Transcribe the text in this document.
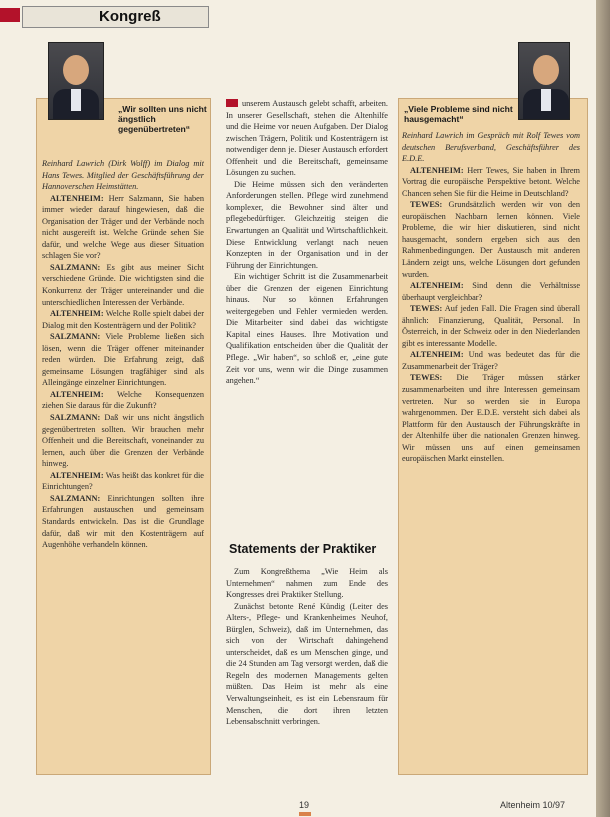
Kongreß
„Wir sollten uns nicht ängstlich gegenübertreten“

Reinhard Lawrich (Dirk Wolff) im Dialog mit Hans Tewes. Mitglied der Geschäftsführung der Hannoverschen Heimstätten.

ALTENHEIM: Herr Salzmann, Sie haben immer wieder darauf hingewiesen, daß die Organisation der Träger und der Verbände noch nicht ausgereift ist. Welche Gründe sehen Sie dafür, und welche Wege aus dieser Situation schlagen Sie vor?

SALZMANN: Es gibt aus meiner Sicht verschiedene Gründe. Die wichtigsten sind die Konkurrenz der Träger untereinander und die unterschiedlichen Interessen der Verbände.

ALTENHEIM: Welche Rolle spielt dabei der Dialog mit den Kostenträgern und der Politik?

SALZMANN: Viele Probleme ließen sich lösen, wenn die Träger offener miteinander reden würden. Die Erfahrung zeigt, daß gemeinsame Lösungen tragfähiger sind als Alleingänge einzelner Einrichtungen.

ALTENHEIM: Welche Konsequenzen ziehen Sie daraus für die Zukunft?

SALZMANN: Daß wir uns nicht ängstlich gegenübertreten sollten. Wir brauchen mehr Offenheit und die Bereitschaft, voneinander zu lernen, auch über die Grenzen der Verbände hinweg.

ALTENHEIM: Was heißt das konkret für die Einrichtungen?

SALZMANN: Einrichtungen sollten ihre Erfahrungen austauschen und gemeinsam Standards entwickeln. Das ist die Grundlage dafür, daß wir mit den Kostenträgern auf Augenhöhe verhandeln können.

unserem Austausch gelebt schafft, arbeiten. In unserer Gesellschaft, stehen die Altenhilfe und die Heime vor neuen Aufgaben. Der Dialog zwischen Trägern, Politik und Kostenträgern ist notwendiger denn je. Dieser Austausch erfordert Offenheit und die Bereitschaft, gemeinsame Lösungen zu suchen.

Die Heime müssen sich den veränderten Anforderungen stellen. Pflege wird zunehmend komplexer, die Bewohner sind älter und pflegebedürftiger. Gleichzeitig steigen die Erwartungen an Qualität und Wirtschaftlichkeit. Diese Entwicklung verlangt nach neuen Konzepten in der Organisation und in der Führung der Einrichtungen.

Ein wichtiger Schritt ist die Zusammenarbeit über die Grenzen der eigenen Einrichtung hinaus. Nur so können Erfahrungen weitergegeben und Fehler vermieden werden. Die Mitarbeiter sind dabei das wichtigste Kapital eines Hauses. Ihre Motivation und Qualifikation entscheiden über die Qualität der Pflege. „Wir haben“, so schloß er, „eine gute Zeit vor uns, wenn wir die Dinge zusammen angehen.“

Statements der Praktiker

Zum Kongreßthema „Wie Heim als Unternehmen“ nahmen zum Ende des Kongresses drei Praktiker Stellung.

Zunächst betonte René Kündig (Leiter des Alters-, Pflege- und Krankenheimes Neuhof, Bürglen, Schweiz), daß im Unternehmen, das sich von der Wirtschaft dahingehend unterscheidet, daß es um Menschen ginge, und die 24 Stunden am Tag versorgt werden, daß die Regeln des modernen Managements gelten müßten. Das Heim ist mehr als eine Verwaltungseinheit, es ist ein Lebensraum für Menschen, die dort ihren letzten Lebensabschnitt verbringen.

„Viele Probleme sind nicht hausgemacht“

Reinhard Lawrich im Gespräch mit Rolf Tewes vom deutschen Berufsverband, Geschäftsführer des E.D.E.

ALTENHEIM: Herr Tewes, Sie haben in Ihrem Vortrag die europäische Perspektive betont. Welche Chancen sehen Sie für die Heime in Deutschland?

TEWES: Grundsätzlich werden wir von den europäischen Nachbarn lernen können. Viele Probleme, die wir hier diskutieren, sind nicht hausgemacht, sondern ergeben sich aus den Rahmenbedingungen. Der Austausch mit anderen Ländern zeigt uns, welche Lösungen dort gefunden wurden.

ALTENHEIM: Sind denn die Verhältnisse überhaupt vergleichbar?

TEWES: Auf jeden Fall. Die Fragen sind überall ähnlich: Finanzierung, Qualität, Personal. In Österreich, in der Schweiz oder in den Niederlanden gibt es interessante Modelle.

ALTENHEIM: Und was bedeutet das für die Zusammenarbeit der Träger?

TEWES: Die Träger müssen stärker zusammenarbeiten und ihre Interessen gemeinsam vertreten. Nur so werden sie in Europa wahrgenommen. Der E.D.E. versteht sich dabei als Plattform für den Austausch der Führungskräfte in der Altenhilfe über die nationalen Grenzen hinweg. Wir müssen uns auf einen gemeinsamen europäischen Markt einstellen.

19	Altenheim 10/97
